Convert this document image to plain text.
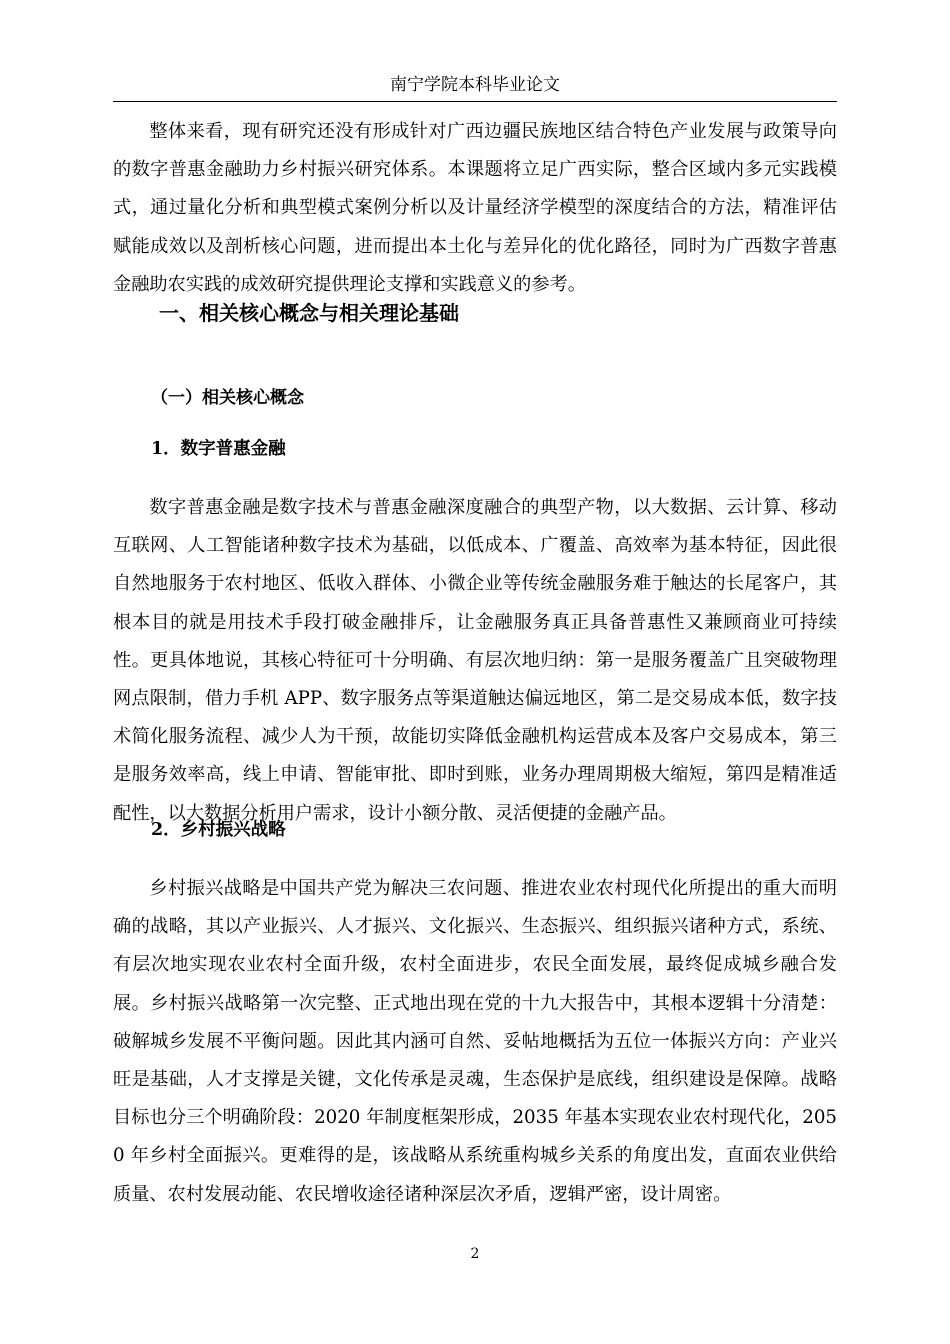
南宁学院本科毕业论文

整体来看，现有研究还没有形成针对广西边疆民族地区结合特色产业发展与政策导向的数字普惠金融助力乡村振兴研究体系。本课题将立足广西实际，整合区域内多元实践模式，通过量化分析和典型模式案例分析以及计量经济学模型的深度结合的方法，精准评估赋能成效以及剖析核心问题，进而提出本土化与差异化的优化路径，同时为广西数字普惠金融助农实践的成效研究提供理论支撑和实践意义的参考。

一、相关核心概念与相关理论基础
（一）相关核心概念
1．数字普惠金融

数字普惠金融是数字技术与普惠金融深度融合的典型产物，以大数据、云计算、移动互联网、人工智能诸种数字技术为基础，以低成本、广覆盖、高效率为基本特征，因此很自然地服务于农村地区、低收入群体、小微企业等传统金融服务难于触达的长尾客户，其根本目的就是用技术手段打破金融排斥，让金融服务真正具备普惠性又兼顾商业可持续性。更具体地说，其核心特征可十分明确、有层次地归纳：第一是服务覆盖广且突破物理网点限制，借力手机 APP、数字服务点等渠道触达偏远地区，第二是交易成本低，数字技术简化服务流程、减少人为干预，故能切实降低金融机构运营成本及客户交易成本，第三是服务效率高，线上申请、智能审批、即时到账，业务办理周期极大缩短，第四是精准适配性，以大数据分析用户需求，设计小额分散、灵活便捷的金融产品。

2．乡村振兴战略

乡村振兴战略是中国共产党为解决三农问题、推进农业农村现代化所提出的重大而明确的战略，其以产业振兴、人才振兴、文化振兴、生态振兴、组织振兴诸种方式，系统、有层次地实现农业农村全面升级，农村全面进步，农民全面发展，最终促成城乡融合发展。乡村振兴战略第一次完整、正式地出现在党的十九大报告中，其根本逻辑十分清楚：破解城乡发展不平衡问题。因此其内涵可自然、妥帖地概括为五位一体振兴方向：产业兴旺是基础，人才支撑是关键，文化传承是灵魂，生态保护是底线，组织建设是保障。战略目标也分三个明确阶段：2020 年制度框架形成，2035 年基本实现农业农村现代化，2050 年乡村全面振兴。更难得的是，该战略从系统重构城乡关系的角度出发，直面农业供给质量、农村发展动能、农民增收途径诸种深层次矛盾，逻辑严密，设计周密。

2
